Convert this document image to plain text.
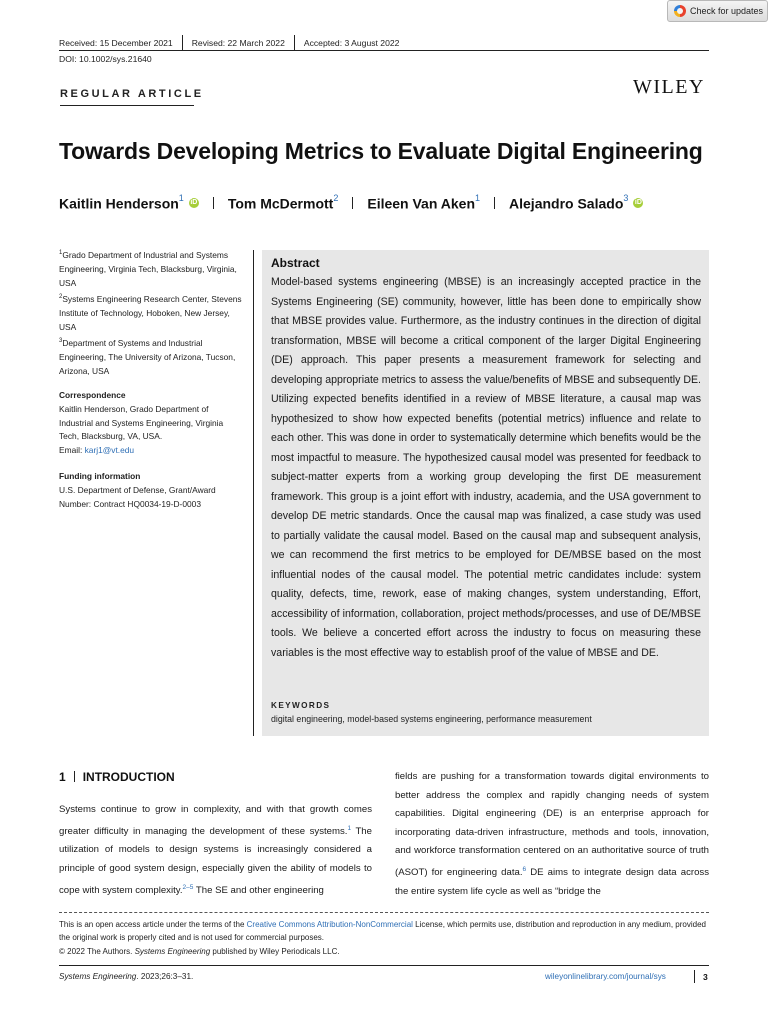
Check for updates
Received: 15 December 2021 Revised: 22 March 2022 Accepted: 3 August 2022
DOI: 10.1002/sys.21640
REGULAR ARTICLE	WILEY
Towards Developing Metrics to Evaluate Digital Engineering
Kaitlin Henderson$^1$ iD Tom McDermott$^2$ Eileen Van Aken$^1$ Alejandro Salado$^3$ iD
$^1$Grado Department of Industrial and Systems Engineering, Virginia Tech, Blacksburg, Virginia, USA
$^2$Systems Engineering Research Center, Stevens Institute of Technology, Hoboken, New Jersey, USA
$^3$Department of Systems and Industrial Engineering, The University of Arizona, Tucson, Arizona, USA
Correspondence
Kaitlin Henderson, Grado Department of Industrial and Systems Engineering, Virginia Tech, Blacksburg, VA, USA.
Email: karj1@vt.edu
Funding information
U.S. Department of Defense, Grant/Award Number: Contract HQ0034-19-D-0003
Abstract
Model-based systems engineering (MBSE) is an increasingly accepted practice in the Systems Engineering (SE) community, however, little has been done to empirically show that MBSE provides value. Furthermore, as the industry continues in the direction of digital transformation, MBSE will become a critical component of the larger Digital Engineering (DE) approach. This paper presents a measurement framework for selecting and developing appropriate metrics to assess the value/benefits of MBSE and subsequently DE. Utilizing expected benefits identified in a review of MBSE literature, a causal map was hypothesized to show how expected benefits (potential metrics) influence and relate to each other. This was done in order to systematically determine which benefits would be the most impactful to measure. The hypothesized causal model was presented for feedback to subject-matter experts from a working group developing the first DE measurement framework. This group is a joint effort with industry, academia, and the USA government to develop DE metric standards. Once the causal map was finalized, a case study was used to partially validate the causal model. Based on the causal map and subsequent analysis, we can recommend the first metrics to be employed for DE/MBSE based on the most influential nodes of the causal model. The potential metric candidates include: system quality, defects, time, rework, ease of making changes, system understanding, Effort, accessibility of information, collaboration, project methods/processes, and use of DE/MBSE tools. We believe a concerted effort across the industry to focus on measuring these variables is the most effective way to establish proof of the value of MBSE and DE.
KEYWORDS
digital engineering, model-based systems engineering, performance measurement
1 INTRODUCTION
Systems continue to grow in complexity, and with that growth comes greater difficulty in managing the development of these systems.$^1$ The utilization of models to design systems is increasingly considered a principle of good system design, especially given the ability of models to cope with system complexity.$^{2-5}$ The SE and other engineering
fields are pushing for a transformation towards digital environments to better address the complex and rapidly changing needs of system capabilities. Digital engineering (DE) is an enterprise approach for incorporating data-driven infrastructure, methods and tools, innovation, and workforce transformation centered on an authoritative source of truth (ASOT) for engineering data.$^6$ DE aims to integrate design data across the entire system life cycle as well as “bridge the
This is an open access article under the terms of the Creative Commons Attribution-NonCommercial License, which permits use, distribution and reproduction in any medium, provided the original work is properly cited and is not used for commercial purposes.
© 2022 The Authors. Systems Engineering published by Wiley Periodicals LLC.
Systems Engineering. 2023;26:3–31.	wileyonlinelibrary.com/journal/sys	3
